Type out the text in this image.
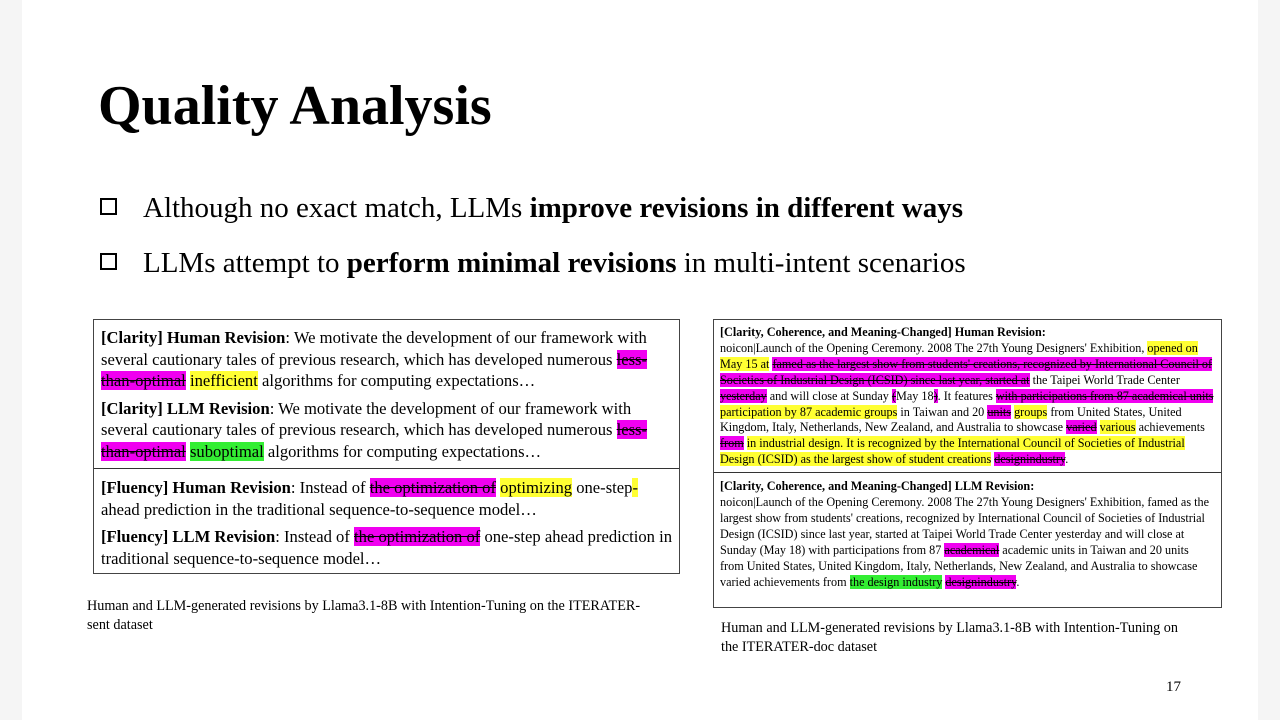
Quality Analysis
Although no exact match, LLMs improve revisions in different ways
LLMs attempt to perform minimal revisions in multi-intent scenarios

[Clarity] Human Revision: We motivate the development of our framework with several cautionary tales of previous research, which has developed numerous less-than-optimal inefficient algorithms for computing expectations…

[Clarity] LLM Revision: We motivate the development of our framework with several cautionary tales of previous research, which has developed numerous less-than-optimal suboptimal algorithms for computing expectations…

[Fluency] Human Revision: Instead of the optimization of optimizing one-step-ahead prediction in the traditional sequence-to-sequence model…

[Fluency] LLM Revision: Instead of the optimization of one-step ahead prediction in traditional sequence-to-sequence model…

[Clarity, Coherence, and Meaning-Changed] Human Revision:
noicon|Launch of the Opening Ceremony. 2008 The 27th Young Designers' Exhibition, opened on May 15 at famed as the largest show from students' creations, recognized by International Council of Societies of Industrial Design (ICSID) since last year, started at the Taipei World Trade Center yesterday and will close at Sunday (May 18). It features with participations from 87 academical units participation by 87 academic groups in Taiwan and 20 units groups from United States, United Kingdom, Italy, Netherlands, New Zealand, and Australia to showcase varied various achievements from in industrial design. It is recognized by the International Council of Societies of Industrial Design (ICSID) as the largest show of student creations designindustry.

[Clarity, Coherence, and Meaning-Changed] LLM Revision:
noicon|Launch of the Opening Ceremony. 2008 The 27th Young Designers' Exhibition, famed as the largest show from students' creations, recognized by International Council of Societies of Industrial Design (ICSID) since last year, started at Taipei World Trade Center yesterday and will close at Sunday (May 18) with participations from 87 academical academic units in Taiwan and 20 units from United States, United Kingdom, Italy, Netherlands, New Zealand, and Australia to showcase varied achievements from the design industry designindustry.

Human and LLM-generated revisions by Llama3.1-8B with Intention-Tuning on the ITERATER-sent dataset	Human and LLM-generated revisions by Llama3.1-8B with Intention-Tuning on the ITERATER-doc dataset
17
